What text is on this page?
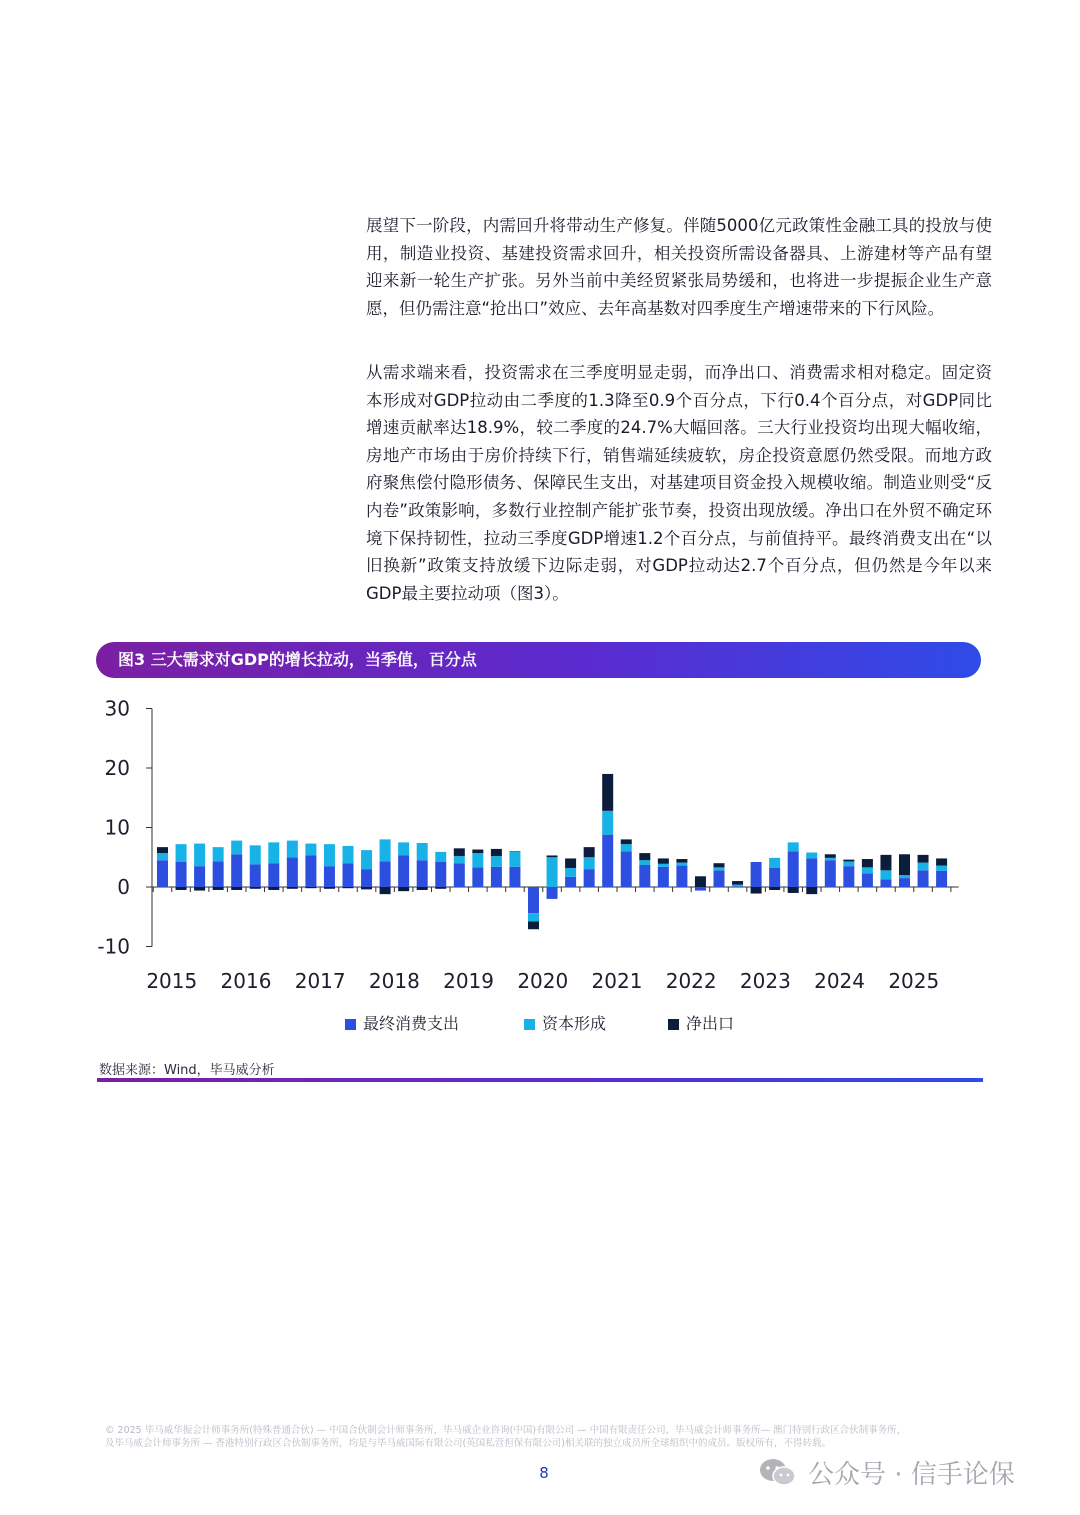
展望下一阶段，内需回升将带动生产修复。伴随5000亿元政策性金融工具的投放与使用，制造业投资、基建投资需求回升，相关投资所需设备器具、上游建材等产品有望迎来新一轮生产扩张。另外当前中美经贸紧张局势缓和，也将进一步提振企业生产意愿，但仍需注意“抢出口”效应、去年高基数对四季度生产增速带来的下行风险。

从需求端来看，投资需求在三季度明显走弱，而净出口、消费需求相对稳定。固定资本形成对GDP拉动由二季度的1.3降至0.9个百分点，下行0.4个百分点，对GDP同比增速贡献率达18.9%，较二季度的24.7%大幅回落。三大行业投资均出现大幅收缩，房地产市场由于房价持续下行，销售端延续疲软，房企投资意愿仍然受限。而地方政府聚焦偿付隐形债务、保障民生支出，对基建项目资金投入规模收缩。制造业则受“反内卷”政策影响，多数行业控制产能扩张节奏，投资出现放缓。净出口在外贸不确定环境下保持韧性，拉动三季度GDP增速1.2个百分点，与前值持平。最终消费支出在“以旧换新”政策支持放缓下边际走弱，对GDP拉动达2.7个百分点，但仍然是今年以来GDP最主要拉动项（图3）。

图3 三大需求对GDP的增长拉动，当季值，百分点
30
20
10
0
-10
2015 2016 2017 2018 2019 2020 2021 2022 2023 2024 2025
最终消费支出	资本形成	净出口
数据来源：Wind，毕马威分析
© 2025 毕马威华振会计师事务所(特殊普通合伙) — 中国合伙制会计师事务所，毕马威企业咨询(中国)有限公司 — 中国有限责任公司，毕马威会计师事务所— 澳门特别行政区合伙制事务所，
及毕马威会计师事务所 — 香港特别行政区合伙制事务所，均是与毕马威国际有限公司(英国私营担保有限公司)相关联的独立成员所全球组织中的成员。版权所有，不得转载。
8	公众号 · 信手论保
